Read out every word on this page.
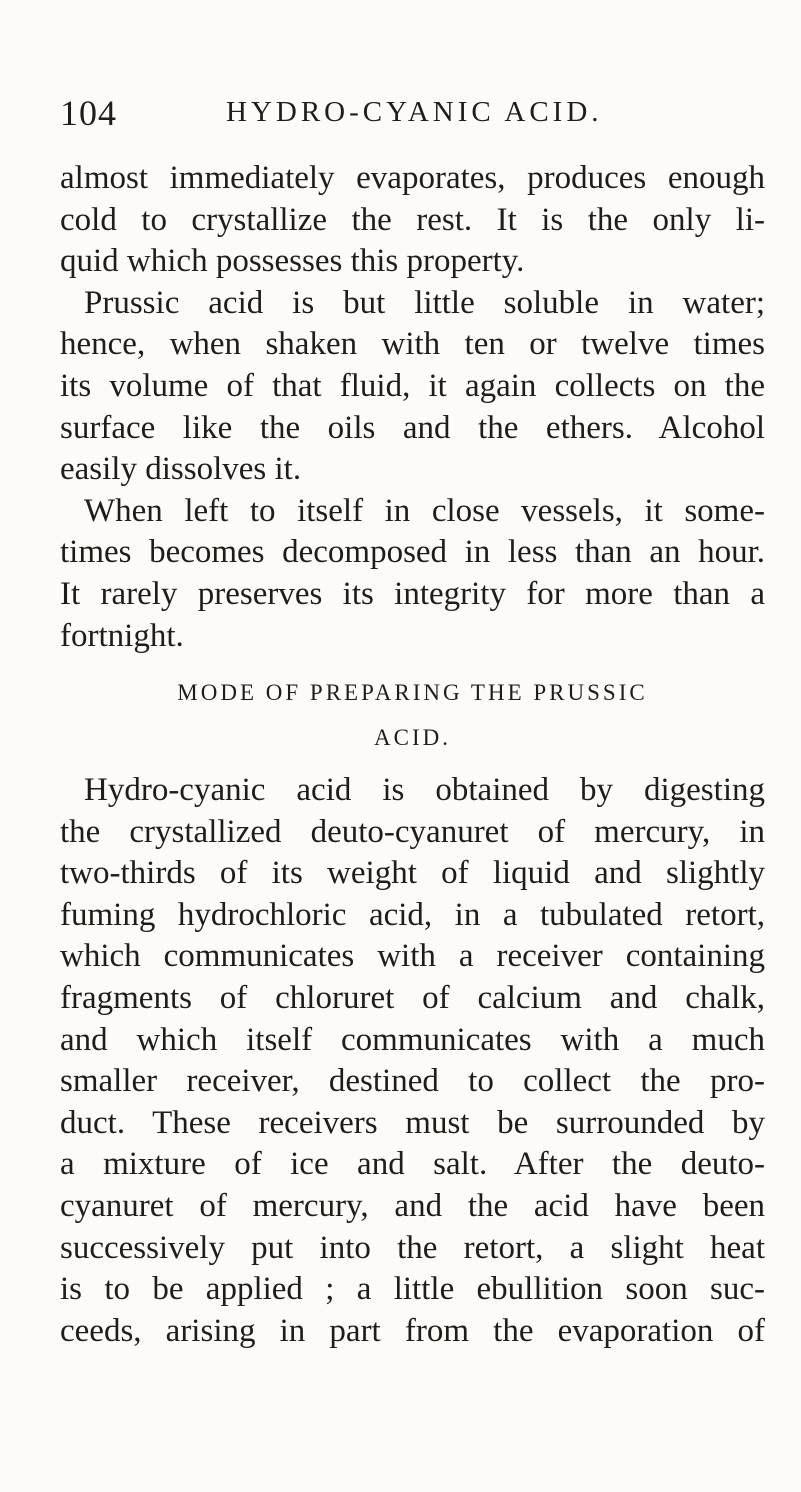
104	HYDRO-CYANIC ACID.
almost immediately evaporates, produces enough
cold to crystallize the rest. It is the only li-
quid which possesses this property.
Prussic acid is but little soluble in water;
hence, when shaken with ten or twelve times
its volume of that fluid, it again collects on the
surface like the oils and the ethers. Alcohol
easily dissolves it.
When left to itself in close vessels, it some-
times becomes decomposed in less than an hour.
It rarely preserves its integrity for more than a
fortnight.
MODE OF PREPARING THE PRUSSIC
ACID.
Hydro-cyanic acid is obtained by digesting
the crystallized deuto-cyanuret of mercury, in
two-thirds of its weight of liquid and slightly
fuming hydrochloric acid, in a tubulated retort,
which communicates with a receiver containing
fragments of chloruret of calcium and chalk,
and which itself communicates with a much
smaller receiver, destined to collect the pro-
duct. These receivers must be surrounded by
a mixture of ice and salt. After the deuto-
cyanuret of mercury, and the acid have been
successively put into the retort, a slight heat
is to be applied ; a little ebullition soon suc-
ceeds, arising in part from the evaporation of
